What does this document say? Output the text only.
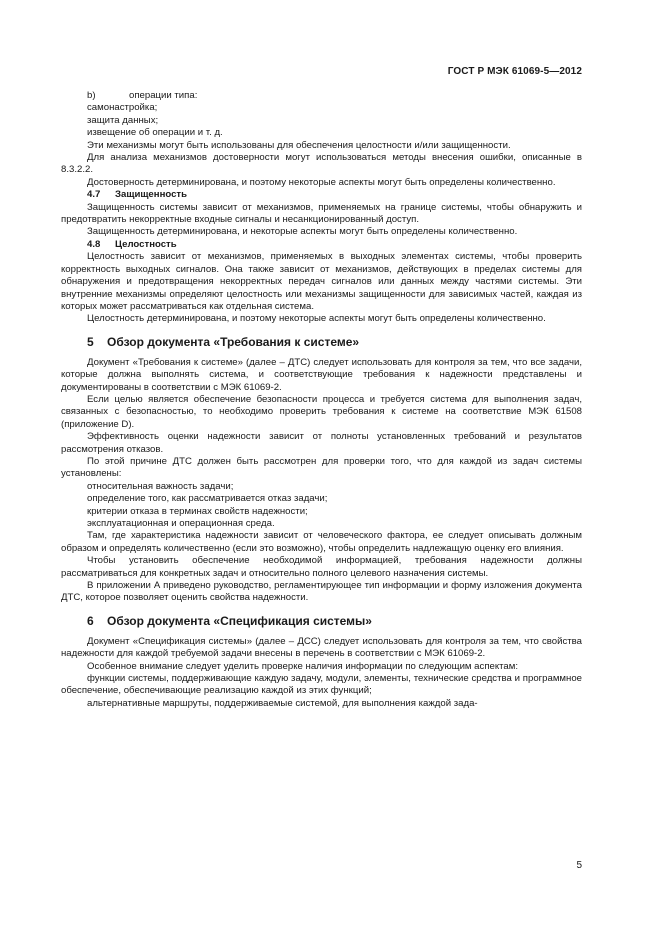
ГОСТ Р МЭК 61069-5—2012

b)	операции типа:

самонастройка;

защита данных;

извещение об операции и т. д.

Эти механизмы могут быть использованы для обеспечения целостности и/или защищенности.

Для анализа механизмов достоверности могут использоваться методы внесения ошибки, описанные в 8.3.2.2.

Достоверность детерминирована, и поэтому некоторые аспекты могут быть определены количественно.

4.7 Защищенность

Защищенность системы зависит от механизмов, применяемых на границе системы, чтобы обнаружить и предотвратить некорректные входные сигналы и несанкционированный доступ.

Защищенность детерминирована, и некоторые аспекты могут быть определены количественно.

4.8 Целостность

Целостность зависит от механизмов, применяемых в выходных элементах системы, чтобы проверить корректность выходных сигналов. Она также зависит от механизмов, действующих в пределах системы для обнаружения и предотвращения некорректных передач сигналов или данных между частями системы. Эти внутренние механизмы определяют целостность или механизмы защищенности для зависимых частей, каждая из которых может рассматриваться как отдельная система.

Целостность детерминирована, и поэтому некоторые аспекты могут быть определены количественно.

5 Обзор документа «Требования к системе»

Документ «Требования к системе» (далее – ДТС) следует использовать для контроля за тем, что все задачи, которые должна выполнять система, и соответствующие требования к надежности представлены и документированы в соответствии с МЭК 61069-2.

Если целью является обеспечение безопасности процесса и требуется система для выполнения задач, связанных с безопасностью, то необходимо проверить требования к системе на соответствие МЭК 61508 (приложение D).

Эффективность оценки надежности зависит от полноты установленных требований и результатов рассмотрения отказов.

По этой причине ДТС должен быть рассмотрен для проверки того, что для каждой из задач системы установлены:

относительная важность задачи;

определение того, как рассматривается отказ задачи;

критерии отказа в терминах свойств надежности;

эксплуатационная и операционная среда.

Там, где характеристика надежности зависит от человеческого фактора, ее следует описывать должным образом и определять количественно (если это возможно), чтобы определить надлежащую оценку его влияния.

Чтобы установить обеспечение необходимой информацией, требования надежности должны рассматриваться для конкретных задач и относительно полного целевого назначения системы.

В приложении А приведено руководство, регламентирующее тип информации и форму изложения документа ДТС, которое позволяет оценить свойства надежности.

6 Обзор документа «Спецификация системы»

Документ «Спецификация системы» (далее – ДСС) следует использовать для контроля за тем, что свойства надежности для каждой требуемой задачи внесены в перечень в соответствии с МЭК 61069-2.

Особенное внимание следует уделить проверке наличия информации по следующим аспектам:

функции системы, поддерживающие каждую задачу, модули, элементы, технические средства и программное обеспечение, обеспечивающие реализацию каждой из этих функций;

альтернативные маршруты, поддерживаемые системой, для выполнения каждой зада-

5
